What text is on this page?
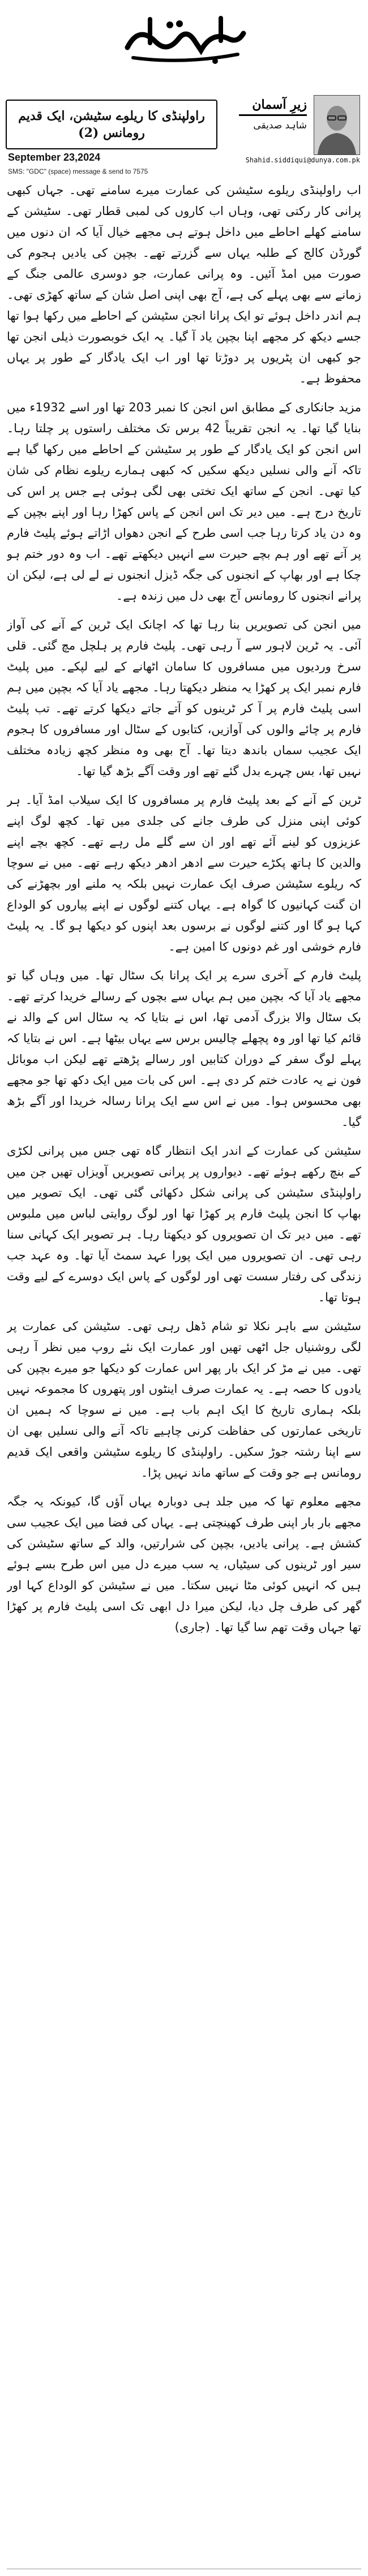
زیرِ آسمان
شاہد صدیقی
Shahid.siddiqui@dunya.com.pk
راولپنڈی کا ریلوے سٹیشن، ایک قدیم رومانس (2)
September 23,2024
SMS: "GDC" (space) message & send to 7575

اب راولپنڈی ریلوے سٹیشن کی عمارت میرے سامنے تھی۔ جہاں کبھی پرانی کار رکتی تھی، وہاں اب کاروں کی لمبی قطار تھی۔ سٹیشن کے سامنے کھلے احاطے میں داخل ہوتے ہی مجھے خیال آیا کہ ان دنوں میں گورڈن کالج کے طلبہ یہاں سے گزرتے تھے۔ بچپن کی یادیں ہجوم کی صورت میں امڈ آئیں۔ وہ پرانی عمارت، جو دوسری عالمی جنگ کے زمانے سے بھی پہلے کی ہے، آج بھی اپنی اصل شان کے ساتھ کھڑی تھی۔ ہم اندر داخل ہوئے تو ایک پرانا انجن سٹیشن کے احاطے میں رکھا ہوا تھا جسے دیکھ کر مجھے اپنا بچپن یاد آ گیا۔ یہ ایک خوبصورت ذیلی انجن تھا جو کبھی ان پٹریوں پر دوڑتا تھا اور اب ایک یادگار کے طور پر یہاں محفوظ ہے۔

مزید جانکاری کے مطابق اس انجن کا نمبر 203 تھا اور اسے 1932ء میں بنایا گیا تھا۔ یہ انجن تقریباً 42 برس تک مختلف راستوں پر چلتا رہا۔ اس انجن کو ایک یادگار کے طور پر سٹیشن کے احاطے میں رکھا گیا ہے تاکہ آنے والی نسلیں دیکھ سکیں کہ کبھی ہمارے ریلوے نظام کی شان کیا تھی۔ انجن کے ساتھ ایک تختی بھی لگی ہوئی ہے جس پر اس کی تاریخ درج ہے۔ میں دیر تک اس انجن کے پاس کھڑا رہا اور اپنے بچپن کے وہ دن یاد کرتا رہا جب اسی طرح کے انجن دھواں اڑاتے ہوئے پلیٹ فارم پر آتے تھے اور ہم بچے حیرت سے انہیں دیکھتے تھے۔ اب وہ دور ختم ہو چکا ہے اور بھاپ کے انجنوں کی جگہ ڈیزل انجنوں نے لے لی ہے، لیکن ان پرانے انجنوں کا رومانس آج بھی دل میں زندہ ہے۔

میں انجن کی تصویریں بنا رہا تھا کہ اچانک ایک ٹرین کے آنے کی آواز آئی۔ یہ ٹرین لاہور سے آ رہی تھی۔ پلیٹ فارم پر ہلچل مچ گئی۔ قلی سرخ وردیوں میں مسافروں کا سامان اٹھانے کے لیے لپکے۔ میں پلیٹ فارم نمبر ایک پر کھڑا یہ منظر دیکھتا رہا۔ مجھے یاد آیا کہ بچپن میں ہم اسی پلیٹ فارم پر آ کر ٹرینوں کو آتے جاتے دیکھا کرتے تھے۔ تب پلیٹ فارم پر چائے والوں کی آوازیں، کتابوں کے سٹال اور مسافروں کا ہجوم ایک عجیب سماں باندھ دیتا تھا۔ آج بھی وہ منظر کچھ زیادہ مختلف نہیں تھا، بس چہرے بدل گئے تھے اور وقت آگے بڑھ گیا تھا۔

ٹرین کے آنے کے بعد پلیٹ فارم پر مسافروں کا ایک سیلاب امڈ آیا۔ ہر کوئی اپنی منزل کی طرف جانے کی جلدی میں تھا۔ کچھ لوگ اپنے عزیزوں کو لینے آئے تھے اور ان سے گلے مل رہے تھے۔ کچھ بچے اپنے والدین کا ہاتھ پکڑے حیرت سے ادھر ادھر دیکھ رہے تھے۔ میں نے سوچا کہ ریلوے سٹیشن صرف ایک عمارت نہیں بلکہ یہ ملنے اور بچھڑنے کی ان گنت کہانیوں کا گواہ ہے۔ یہاں کتنے لوگوں نے اپنے پیاروں کو الوداع کہا ہو گا اور کتنے لوگوں نے برسوں بعد اپنوں کو دیکھا ہو گا۔ یہ پلیٹ فارم خوشی اور غم دونوں کا امین ہے۔

پلیٹ فارم کے آخری سرے پر ایک پرانا بک سٹال تھا۔ میں وہاں گیا تو مجھے یاد آیا کہ بچپن میں ہم یہاں سے بچوں کے رسالے خریدا کرتے تھے۔ بک سٹال والا بزرگ آدمی تھا، اس نے بتایا کہ یہ سٹال اس کے والد نے قائم کیا تھا اور وہ پچھلے چالیس برس سے یہاں بیٹھا ہے۔ اس نے بتایا کہ پہلے لوگ سفر کے دوران کتابیں اور رسالے پڑھتے تھے لیکن اب موبائل فون نے یہ عادت ختم کر دی ہے۔ اس کی بات میں ایک دکھ تھا جو مجھے بھی محسوس ہوا۔ میں نے اس سے ایک پرانا رسالہ خریدا اور آگے بڑھ گیا۔

سٹیشن کی عمارت کے اندر ایک انتظار گاہ تھی جس میں پرانی لکڑی کے بنچ رکھے ہوئے تھے۔ دیواروں پر پرانی تصویریں آویزاں تھیں جن میں راولپنڈی سٹیشن کی پرانی شکل دکھائی گئی تھی۔ ایک تصویر میں بھاپ کا انجن پلیٹ فارم پر کھڑا تھا اور لوگ روایتی لباس میں ملبوس تھے۔ میں دیر تک ان تصویروں کو دیکھتا رہا۔ ہر تصویر ایک کہانی سنا رہی تھی۔ ان تصویروں میں ایک پورا عہد سمٹ آیا تھا۔ وہ عہد جب زندگی کی رفتار سست تھی اور لوگوں کے پاس ایک دوسرے کے لیے وقت ہوتا تھا۔

سٹیشن سے باہر نکلا تو شام ڈھل رہی تھی۔ سٹیشن کی عمارت پر لگی روشنیاں جل اٹھی تھیں اور عمارت ایک نئے روپ میں نظر آ رہی تھی۔ میں نے مڑ کر ایک بار پھر اس عمارت کو دیکھا جو میرے بچپن کی یادوں کا حصہ ہے۔ یہ عمارت صرف اینٹوں اور پتھروں کا مجموعہ نہیں بلکہ ہماری تاریخ کا ایک اہم باب ہے۔ میں نے سوچا کہ ہمیں ان تاریخی عمارتوں کی حفاظت کرنی چاہیے تاکہ آنے والی نسلیں بھی ان سے اپنا رشتہ جوڑ سکیں۔ راولپنڈی کا ریلوے سٹیشن واقعی ایک قدیم رومانس ہے جو وقت کے ساتھ ماند نہیں پڑا۔

مجھے معلوم تھا کہ میں جلد ہی دوبارہ یہاں آؤں گا، کیونکہ یہ جگہ مجھے بار بار اپنی طرف کھینچتی ہے۔ یہاں کی فضا میں ایک عجیب سی کشش ہے۔ پرانی یادیں، بچپن کی شرارتیں، والد کے ساتھ سٹیشن کی سیر اور ٹرینوں کی سیٹیاں، یہ سب میرے دل میں اس طرح بسے ہوئے ہیں کہ انہیں کوئی مٹا نہیں سکتا۔ میں نے سٹیشن کو الوداع کہا اور گھر کی طرف چل دیا، لیکن میرا دل ابھی تک اسی پلیٹ فارم پر کھڑا تھا جہاں وقت تھم سا گیا تھا۔ (جاری)
